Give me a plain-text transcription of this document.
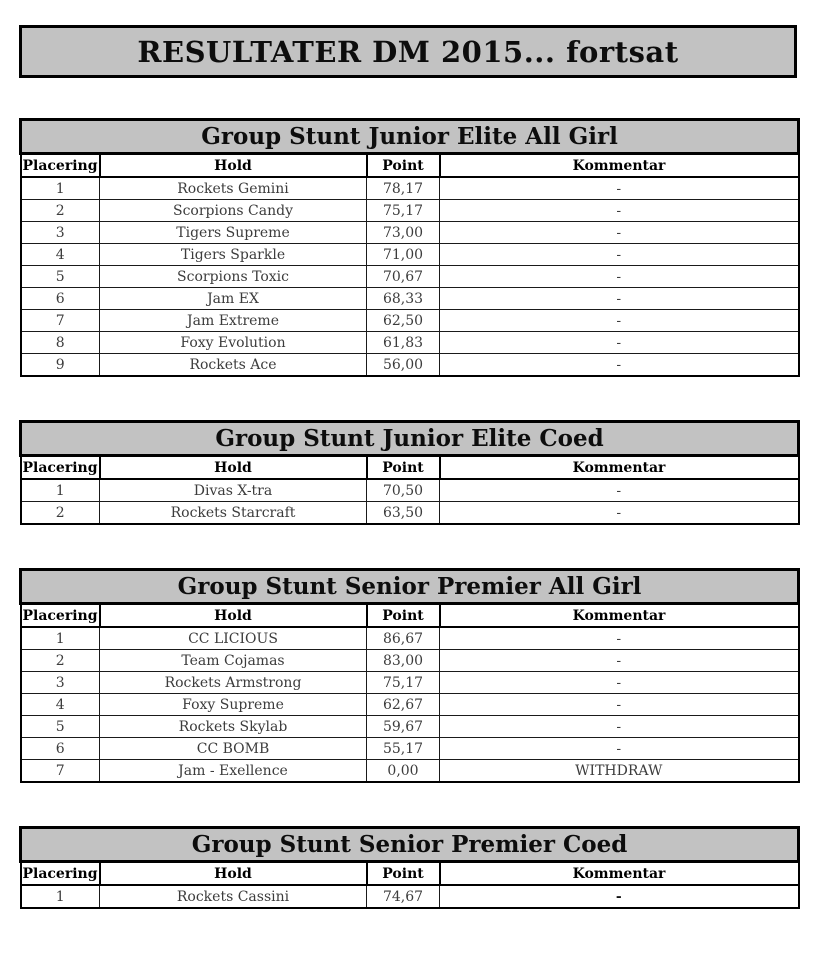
RESULTATER DM 2015... fortsat
Group Stunt Junior Elite All Girl			
Placering	Hold	Point	Kommentar
1	Rockets Gemini	78,17	-
2	Scorpions Candy	75,17	-
3	Tigers Supreme	73,00	-
4	Tigers Sparkle	71,00	-
5	Scorpions Toxic	70,67	-
6	Jam EX	68,33	-
7	Jam Extreme	62,50	-
8	Foxy Evolution	61,83	-
9	Rockets Ace	56,00	-
Group Stunt Junior Elite Coed			
Placering	Hold	Point	Kommentar
1	Divas X-tra	70,50	-
2	Rockets Starcraft	63,50	-
Group Stunt Senior Premier All Girl			
Placering	Hold	Point	Kommentar
1	CC LICIOUS	86,67	-
2	Team Cojamas	83,00	-
3	Rockets Armstrong	75,17	-
4	Foxy Supreme	62,67	-
5	Rockets Skylab	59,67	-
6	CC BOMB	55,17	-
7	Jam - Exellence	0,00	WITHDRAW
Group Stunt Senior Premier Coed			
Placering	Hold	Point	Kommentar
1	Rockets Cassini	74,67	-
